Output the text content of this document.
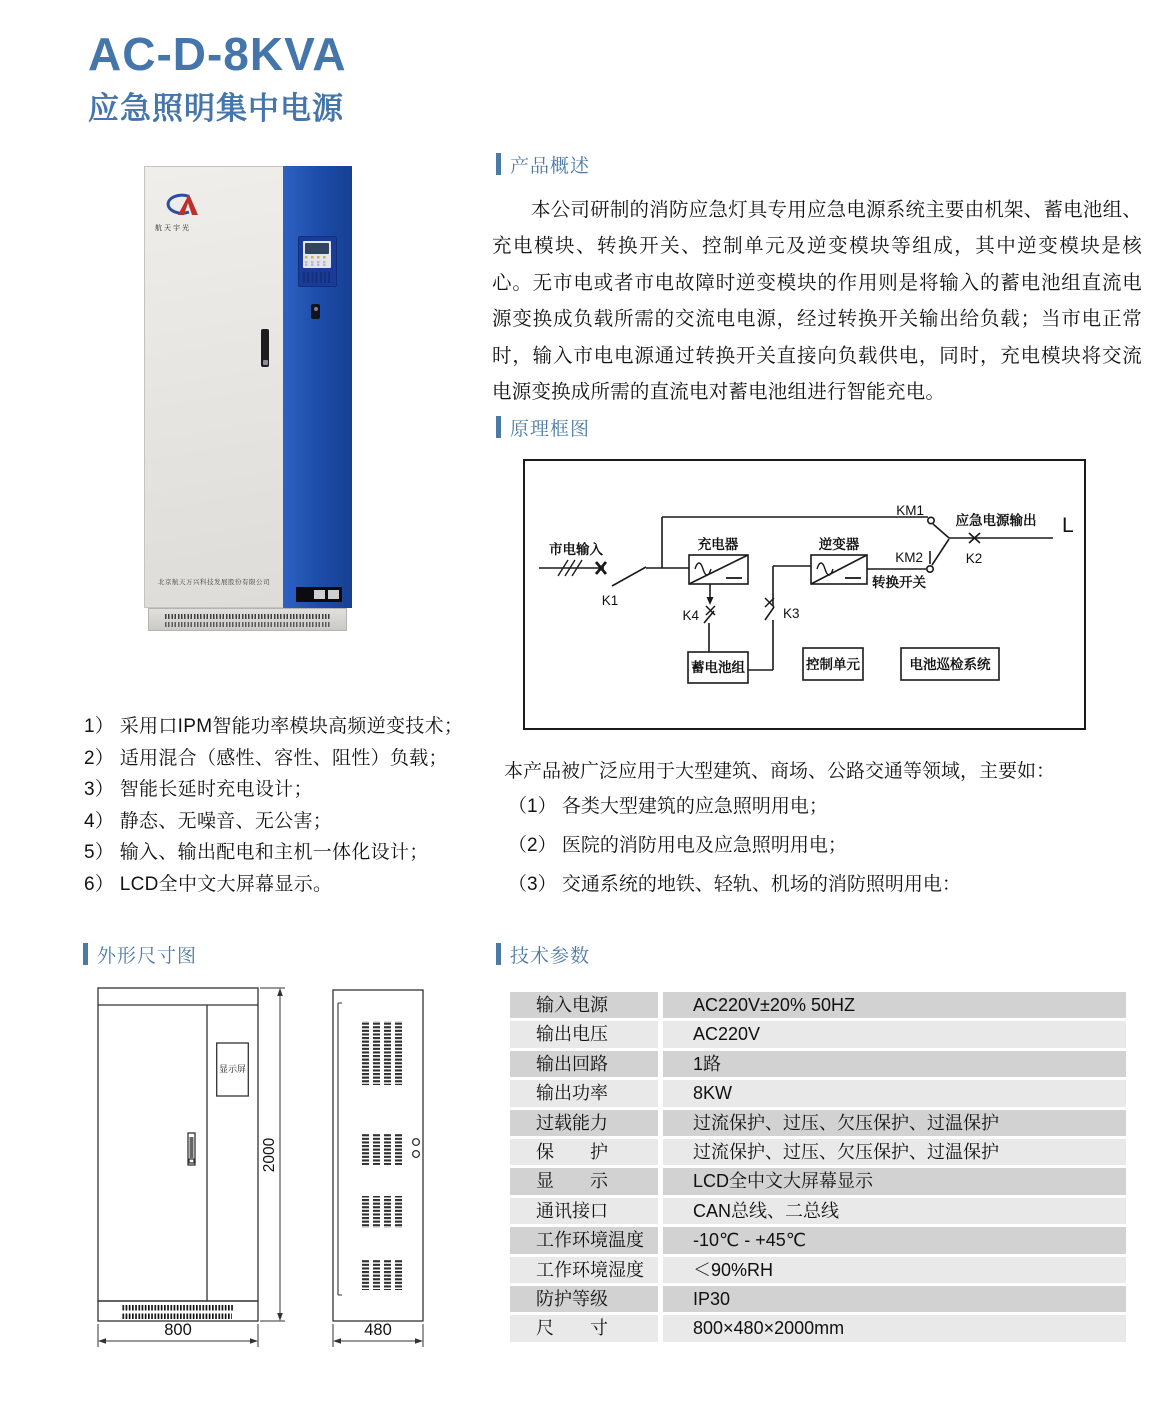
AC-D-8KVA
应急照明集中电源
航天宇光
北京航天万兴科技发展股份有限公司
产品概述
本公司研制的消防应急灯具专用应急电源系统主要由机架、蓄电池组、充电模块、转换开关、控制单元及逆变模块等组成，其中逆变模块是核心。无市电或者市电故障时逆变模块的作用则是将输入的蓄电池组直流电源变换成负载所需的交流电电源，经过转换开关输出给负载；当市电正常时，输入市电电源通过转换开关直接向负载供电，同时，充电模块将交流电源变换成所需的直流电对蓄电池组进行智能充电。
原理框图
市电输入	充电器	逆变器
应急电源输出
转换开关
蓄电池组	控制单元	电池巡检系统
K1
K2
K3
K4
KM1
KM2
L
1） 采用口IPM智能功率模块高频逆变技术；
2） 适用混合（感性、容性、阻性）负载；
3） 智能长延时充电设计；
4） 静态、无噪音、无公害；
5） 输入、输出配电和主机一体化设计；
6） LCD全中文大屏幕显示。
本产品被广泛应用于大型建筑、商场、公路交通等领域，主要如：
（1） 各类大型建筑的应急照明用电；
（2） 医院的消防用电及应急照明用电；
（3） 交通系统的地铁、轻轨、机场的消防照明用电：
外形尺寸图
显示屏
2000
800	480
技术参数
输入电源	AC220V±20% 50HZ
输出电压	AC220V
输出回路	1路
输出功率	8KW
过载能力	过流保护、过压、欠压保护、过温保护
保　　护	过流保护、过压、欠压保护、过温保护
显　　示	LCD全中文大屏幕显示
通讯接口	CAN总线、二总线
工作环境温度	-10℃ - +45℃
工作环境湿度	＜90%RH
防护等级	IP30
尺　　寸	800×480×2000mm
